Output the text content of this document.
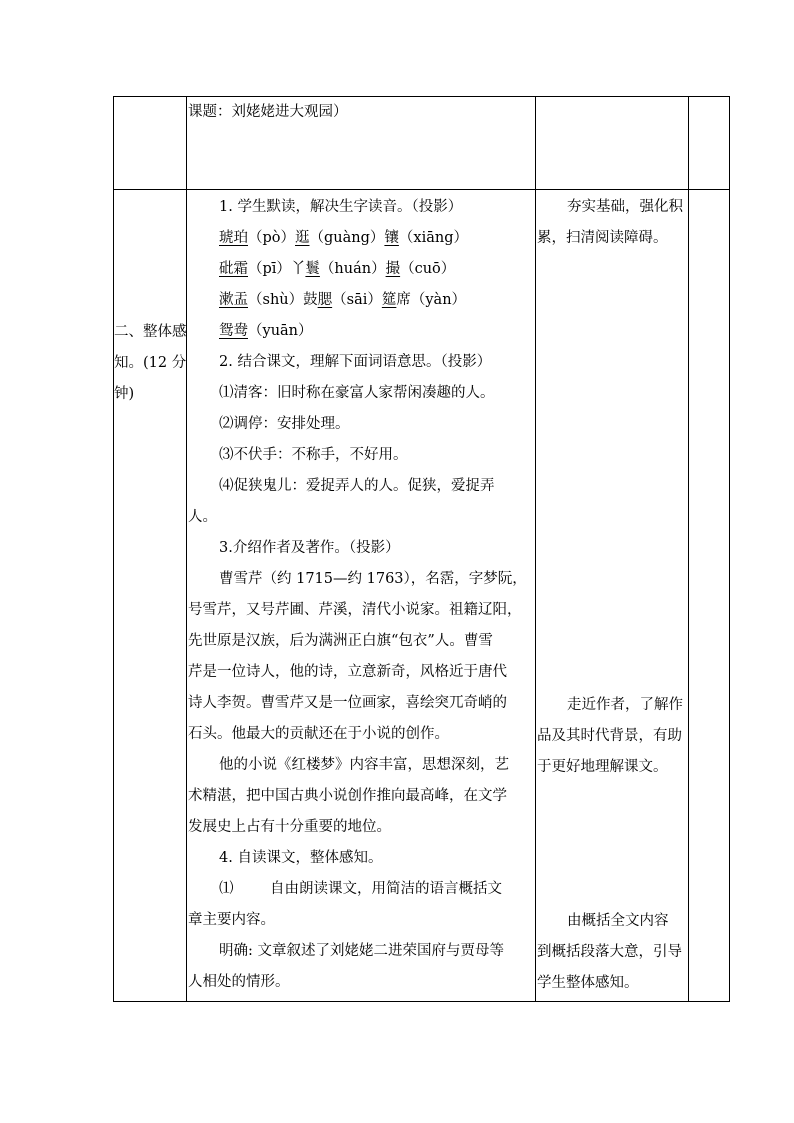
课题：刘姥姥进大观园）
二、整体感
知。(12 分
钟)
1. 学生默读，解决生字读音。（投影）
琥珀（pò）逛（guàng）镶（xiāng）
砒霜（pī）丫鬟（huán）撮（cuō）
漱盂（shù）鼓腮（sāi）筵席（yàn）
鸳鸯（yuān）
2. 结合课文，理解下面词语意思。（投影）
⑴清客：旧时称在豪富人家帮闲凑趣的人。
⑵调停：安排处理。
⑶不伏手：不称手，不好用。
⑷促狭鬼儿：爱捉弄人的人。促狭，爱捉弄
人。
3.介绍作者及著作。（投影）
曹雪芹（约 1715—约 1763），名霑，字梦阮，
号雪芹，又号芹圃、芹溪，清代小说家。祖籍辽阳，
先世原是汉族，后为满洲正白旗“包衣”人。曹雪
芹是一位诗人，他的诗，立意新奇，风格近于唐代
诗人李贺。曹雪芹又是一位画家，喜绘突兀奇峭的
石头。他最大的贡献还在于小说的创作。
他的小说《红楼梦》内容丰富，思想深刻，艺
术精湛，把中国古典小说创作推向最高峰，在文学
发展史上占有十分重要的地位。
4. 自读课文，整体感知。
⑴	自由朗读课文，用简洁的语言概括文
章主要内容。
明确: 文章叙述了刘姥姥二进荣国府与贾母等
人相处的情形。
夯实基础，强化积
累，扫清阅读障碍。
走近作者，了解作
品及其时代背景，有助
于更好地理解课文。
由概括全文内容
到概括段落大意，引导
学生整体感知。
